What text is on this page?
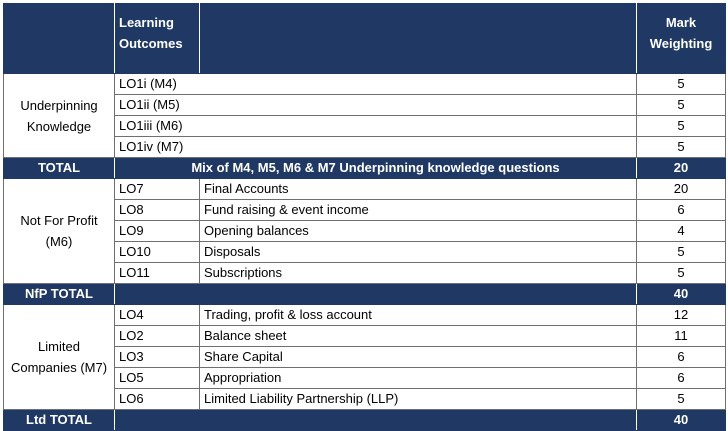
	Learning Outcomes		Mark Weighting
Underpinning Knowledge	LO1i (M4)		5
	LO1ii (M5)		5
	LO1iii (M6)		5
	LO1iv (M7)		5
TOTAL	Mix of M4, M5, M6 & M7 Underpinning knowledge questions		20
Not For Profit (M6)	LO7	Final Accounts	20
	LO8	Fund raising & event income	6
	LO9	Opening balances	4
	LO10	Disposals	5
	LO11	Subscriptions	5
NfP TOTAL			40
Limited Companies (M7)	LO4	Trading, profit & loss account	12
	LO2	Balance sheet	11
	LO3	Share Capital	6
	LO5	Appropriation	6
	LO6	Limited Liability Partnership (LLP)	5
Ltd TOTAL			40
